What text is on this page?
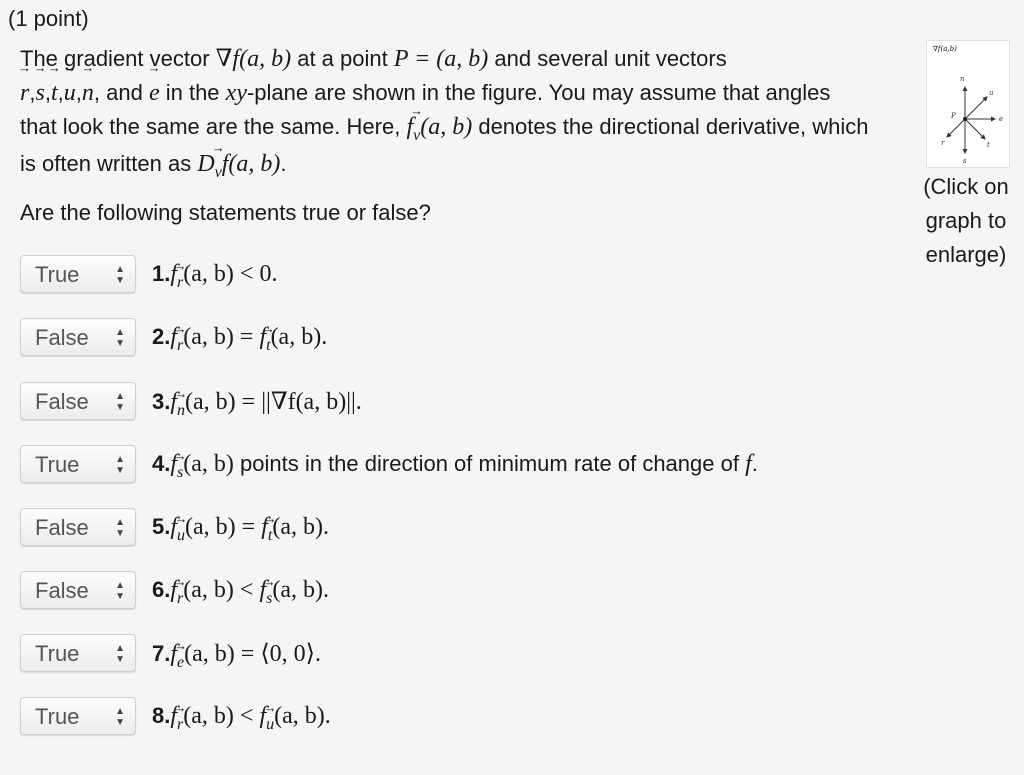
(1 point)
The gradient vector ∇f(a, b) at a point P = (a, b) and several unit vectors
→ r,→ s,→ t,→ u,→ n, and → e in the xy-plane are shown in the figure. You may assume that angles that look the same are the same. Here, f→ v(a, b) denotes the directional derivative, which is often written as D→ vf(a, b).
∇f(a,b)
P
n
u
e
r	t
s
(Click on graph to enlarge)
Are the following statements true or false?
True	▲
▼ 1.f→ r(a, b) < 0.
False	▲
▼ 2.f→ r(a, b) = f→ t(a, b).
False	▲
▼ 3.f→ n(a, b) = ||∇f(a, b)||.
True	▲
▼ 4.f→ s(a, b) points in the direction of minimum rate of change of f.
False	▲
▼ 5.f→ u(a, b) = f→ t(a, b).
False	▲
▼ 6.f→ r(a, b) < f→ s(a, b).
True	▲
▼ 7.f→ e(a, b) = ⟨0, 0⟩.
True	▲
▼ 8.f→ r(a, b) < f→ u(a, b).
